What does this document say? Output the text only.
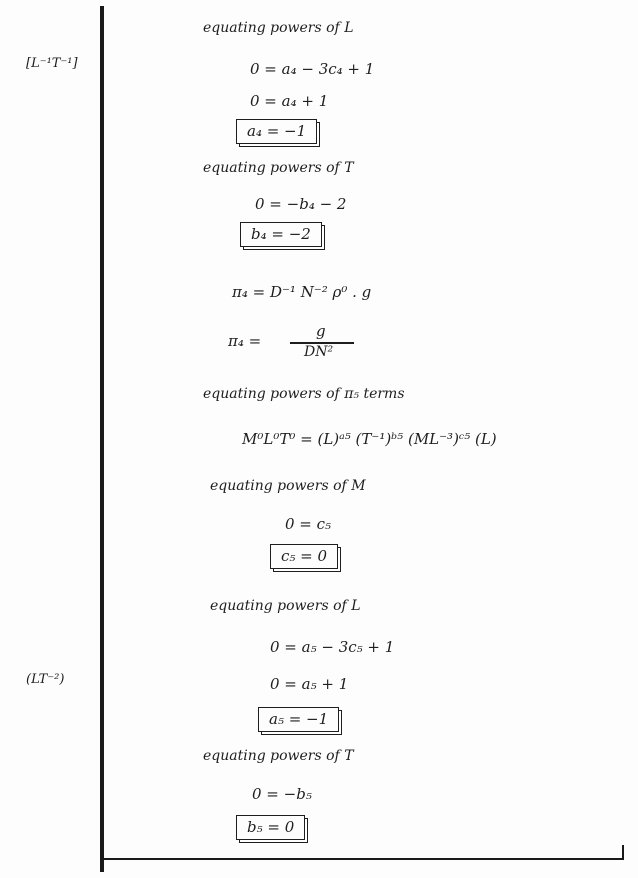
[L⁻¹T⁻¹]
(LT⁻²)
equating powers of L
0 = a₄ − 3c₄ + 1
0 = a₄ + 1
a₄ = −1
equating powers of T
0 = −b₄ − 2
b₄ = −2
π₄ = D⁻¹ N⁻² ρ⁰ . g
π₄ =
g
DN²
equating powers of π₅ terms
M⁰L⁰T⁰ = (L)ᵃ⁵ (T⁻¹)ᵇ⁵ (ML⁻³)ᶜ⁵ (L)
equating powers of M
0 = c₅
c₅ = 0
equating powers of L
0 = a₅ − 3c₅ + 1
0 = a₅ + 1
a₅ = −1
equating powers of T
0 = −b₅
b₅ = 0
